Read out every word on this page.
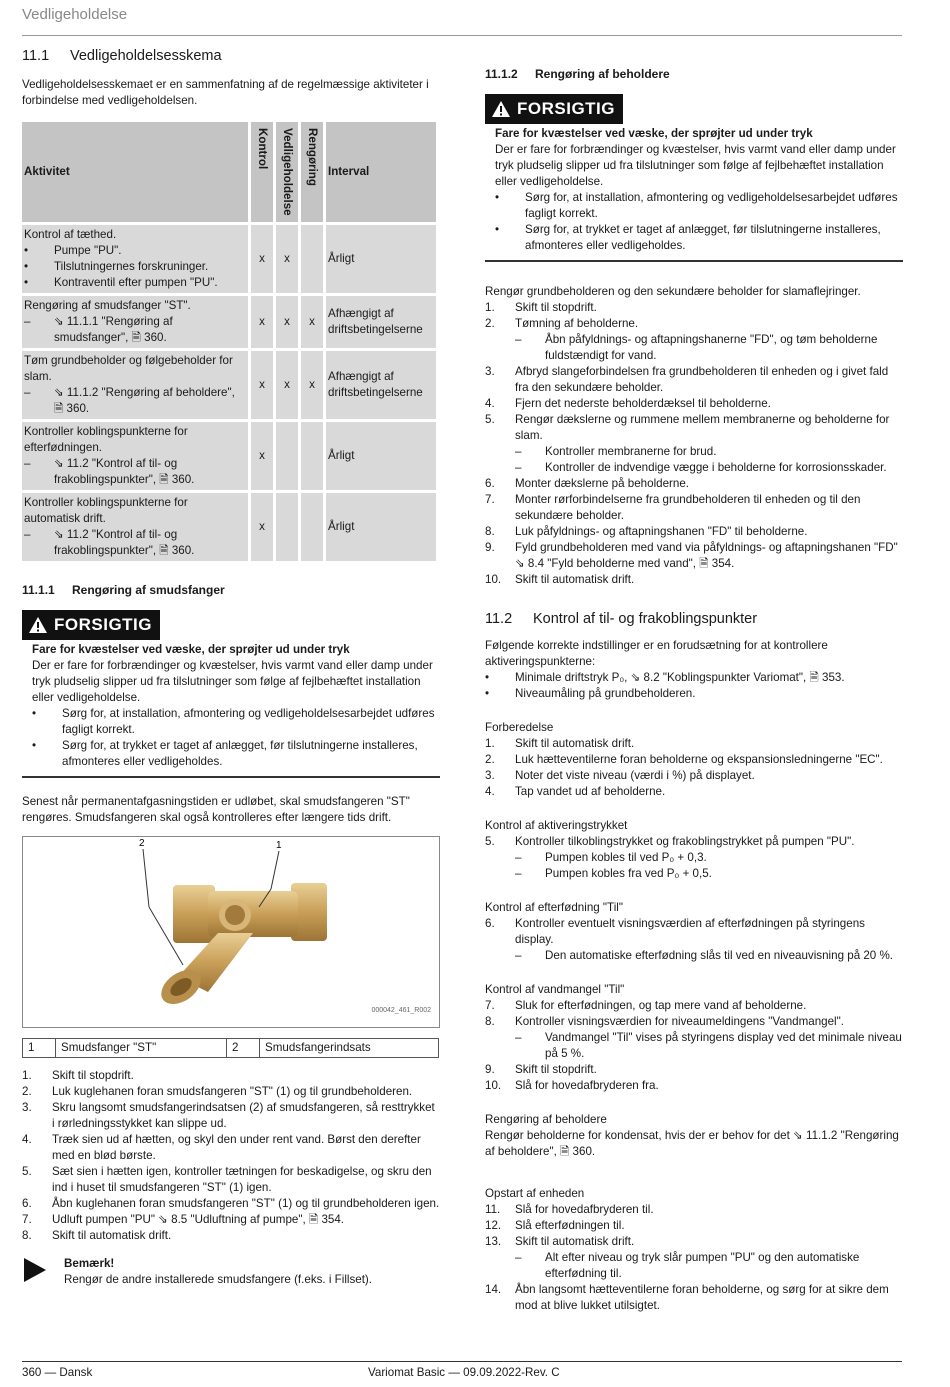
Vedligeholdelse
11.1 Vedligeholdelsesskema

Vedligeholdelsesskemaet er en sammenfatning af de regelmæssige aktiviteter i forbindelse med vedligeholdelsen.

Aktivitet	Kontrol	Vedligeholdelse	Rengøring	Interval

Kontrol af tæthed.
• Pumpe "PU".
• Tilslutningernes forskruninger.
• Kontraventil efter pumpen "PU".	x	x		Årligt

Rengøring af smudsfanger "ST".
– ⇘ 11.1.1 "Rengøring af smudsfanger", 🗎 360.	x	x	x	Afhængigt af driftsbetingelserne

Tøm grundbeholder og følgebeholder for slam.
– ⇘ 11.1.2 "Rengøring af beholdere", 🗎 360.	x	x	x	Afhængigt af driftsbetingelserne

Kontroller koblingspunkterne for efterfødningen.
– ⇘ 11.2 "Kontrol af til- og frakoblingspunkter", 🗎 360.	x			Årligt

Kontroller koblingspunkterne for automatisk drift.
– ⇘ 11.2 "Kontrol af til- og frakoblingspunkter", 🗎 360.	x			Årligt
11.1.1 Rengøring af smudsfanger
FORSIGTIG
Fare for kvæstelser ved væske, der sprøjter ud under tryk

Der er fare for forbrændinger og kvæstelser, hvis varmt vand eller damp under tryk pludselig slipper ud fra tilslutninger som følge af fejlbehæftet installation eller vedligeholdelse.

•	Sørg for, at installation, afmontering og vedligeholdelsesarbejdet udføres fagligt korrekt.
•	Sørg for, at trykket er taget af anlægget, før tilslutningerne installeres, afmonteres eller vedligeholdes.

Senest når permanentafgasningstiden er udløbet, skal smudsfangeren "ST" rengøres. Smudsfangeren skal også kontrolleres efter længere tids drift.

2	1
000042_461_R002
1	Smudsfanger "ST"	2	Smudsfangerindsats
1.	Skift til stopdrift.
2.	Luk kuglehanen foran smudsfangeren "ST" (1) og til grundbeholderen.
3.	Skru langsomt smudsfangerindsatsen (2) af smudsfangeren, så resttrykket i rørledningsstykket kan slippe ud.
4.	Træk sien ud af hætten, og skyl den under rent vand. Børst den derefter med en blød børste.
5.	Sæt sien i hætten igen, kontroller tætningen for beskadigelse, og skru den ind i huset til smudsfangeren "ST" (1) igen.
6.	Åbn kuglehanen foran smudsfangeren "ST" (1) og til grundbeholderen igen.
7.	Udluft pumpen "PU" ⇘ 8.5 "Udluftning af pumpe", 🗎 354.
8.	Skift til automatisk drift.
Bemærk!
Rengør de andre installerede smudsfangere (f.eks. i Fillset).
11.1.2 Rengøring af beholdere
FORSIGTIG
Fare for kvæstelser ved væske, der sprøjter ud under tryk

Der er fare for forbrændinger og kvæstelser, hvis varmt vand eller damp under tryk pludselig slipper ud fra tilslutninger som følge af fejlbehæftet installation eller vedligeholdelse.

•	Sørg for, at installation, afmontering og vedligeholdelsesarbejdet udføres fagligt korrekt.
•	Sørg for, at trykket er taget af anlægget, før tilslutningerne installeres, afmonteres eller vedligeholdes.

Rengør grundbeholderen og den sekundære beholder for slamaflejringer.

1.	Skift til stopdrift.
2.	Tømning af beholderne.
– Åbn påfyldnings- og aftapningshanerne "FD", og tøm beholderne fuldstændigt for vand.
3.	Afbryd slangeforbindelsen fra grundbeholderen til enheden og i givet fald fra den sekundære beholder.
4.	Fjern det nederste beholderdæksel til beholderne.
5.	Rengør dækslerne og rummene mellem membranerne og beholderne for slam.
– Kontroller membranerne for brud.
– Kontroller de indvendige vægge i beholderne for korrosionsskader.
6.	Monter dækslerne på beholderne.
7.	Monter rørforbindelserne fra grundbeholderen til enheden og til den sekundære beholder.
8.	Luk påfyldnings- og aftapningshanen "FD" til beholderne.
9.	Fyld grundbeholderen med vand via påfyldnings- og aftapningshanen "FD" ⇘ 8.4 "Fyld beholderne med vand", 🗎 354.
10.	Skift til automatisk drift.
11.2 Kontrol af til- og frakoblingspunkter

Følgende korrekte indstillinger er en forudsætning for at kontrollere aktiveringspunkterne:

•	Minimale driftstryk P₀, ⇘ 8.2 "Koblingspunkter Variomat", 🗎 353.
•	Niveaumåling på grundbeholderen.
Forberedelse
1.	Skift til automatisk drift.
2.	Luk hætteventilerne foran beholderne og ekspansionsledningerne "EC".
3.	Noter det viste niveau (værdi i %) på displayet.
4.	Tap vandet ud af beholderne.
Kontrol af aktiveringstrykket
5.	Kontroller tilkoblingstrykket og frakoblingstrykket på pumpen "PU".
– Pumpen kobles til ved P₀ + 0,3.
– Pumpen kobles fra ved P₀ + 0,5.
Kontrol af efterfødning "Til"
6.	Kontroller eventuelt visningsværdien af efterfødningen på styringens display.
– Den automatiske efterfødning slås til ved en niveauvisning på 20 %.
Kontrol af vandmangel "Til"
7.	Sluk for efterfødningen, og tap mere vand af beholderne.
8.	Kontroller visningsværdien for niveaumeldingens "Vandmangel".
– Vandmangel "Til" vises på styringens display ved det minimale niveau på 5 %.
9.	Skift til stopdrift.
10.	Slå for hovedafbryderen fra.
Rengøring af beholdere
Rengør beholderne for kondensat, hvis der er behov for det ⇘ 11.1.2 "Rengøring af beholdere", 🗎 360.
Opstart af enheden
11.	Slå for hovedafbryderen til.
12.	Slå efterfødningen til.
13.	Skift til automatisk drift.
– Alt efter niveau og tryk slår pumpen "PU" og den automatiske efterfødning til.
14.	Åbn langsomt hætteventilerne foran beholderne, og sørg for at sikre dem mod at blive lukket utilsigtet.
360 — Dansk	Variomat Basic — 09.09.2022-Rev. C
